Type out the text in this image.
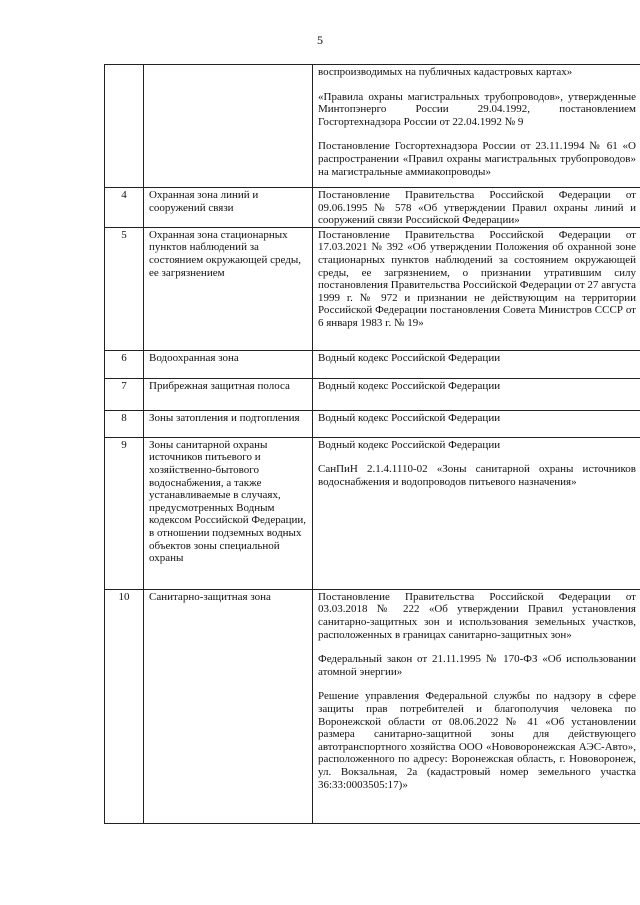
5

		воспроизводимых на публичных кадастровых картах»

«Правила охраны магистральных трубопроводов», утвержденные Минтопэнерго России 29.04.1992, постановлением Госгортехнадзора России от 22.04.1992 № 9

Постановление Госгортехнадзора России от 23.11.1994 № 61 «О распространении «Правил охраны магистральных трубопроводов» на магистральные аммиакопроводы»

4	Охранная зона линий и сооружений связи	Постановление Правительства Российской Федерации от 09.06.1995 № 578 «Об утверждении Правил охраны линий и сооружений связи Российской Федерации»

5	Охранная зона стационарных пунктов наблюдений за состоянием окружающей среды, ее загрязнением	Постановление Правительства Российской Федерации от 17.03.2021 № 392 «Об утверждении Положения об охранной зоне стационарных пунктов наблюдений за состоянием окружающей среды, ее загрязнением, о признании утратившим силу постановления Правительства Российской Федерации от 27 августа 1999 г. № 972 и признании не действующим на территории Российской Федерации постановления Совета Министров СССР от 6 января 1983 г. № 19»

6	Водоохранная зона	Водный кодекс Российской Федерации

7	Прибрежная защитная полоса	Водный кодекс Российской Федерации

8	Зоны затопления и подтопления	Водный кодекс Российской Федерации

9	Зоны санитарной охраны источников питьевого и хозяйственно-бытового водоснабжения, а также устанавливаемые в случаях, предусмотренных Водным кодексом Российской Федерации, в отношении подземных водных объектов зоны специальной охраны	Водный кодекс Российской Федерации

СанПиН 2.1.4.1110-02 «Зоны санитарной охраны источников водоснабжения и водопроводов питьевого назначения»

10	Санитарно-защитная зона	Постановление Правительства Российской Федерации от 03.03.2018 № 222 «Об утверждении Правил установления санитарно-защитных зон и использования земельных участков, расположенных в границах санитарно-защитных зон»

Федеральный закон от 21.11.1995 № 170-ФЗ «Об использовании атомной энергии»

Решение управления Федеральной службы по надзору в сфере защиты прав потребителей и благополучия человека по Воронежской области от 08.06.2022 № 41 «Об установлении размера санитарно-защитной зоны для действующего автотранспортного хозяйства ООО «Нововоронежская АЭС-Авто», расположенного по адресу: Воронежская область, г. Нововоронеж, ул. Вокзальная, 2а (кадастровый номер земельного участка 36:33:0003505:17)»
